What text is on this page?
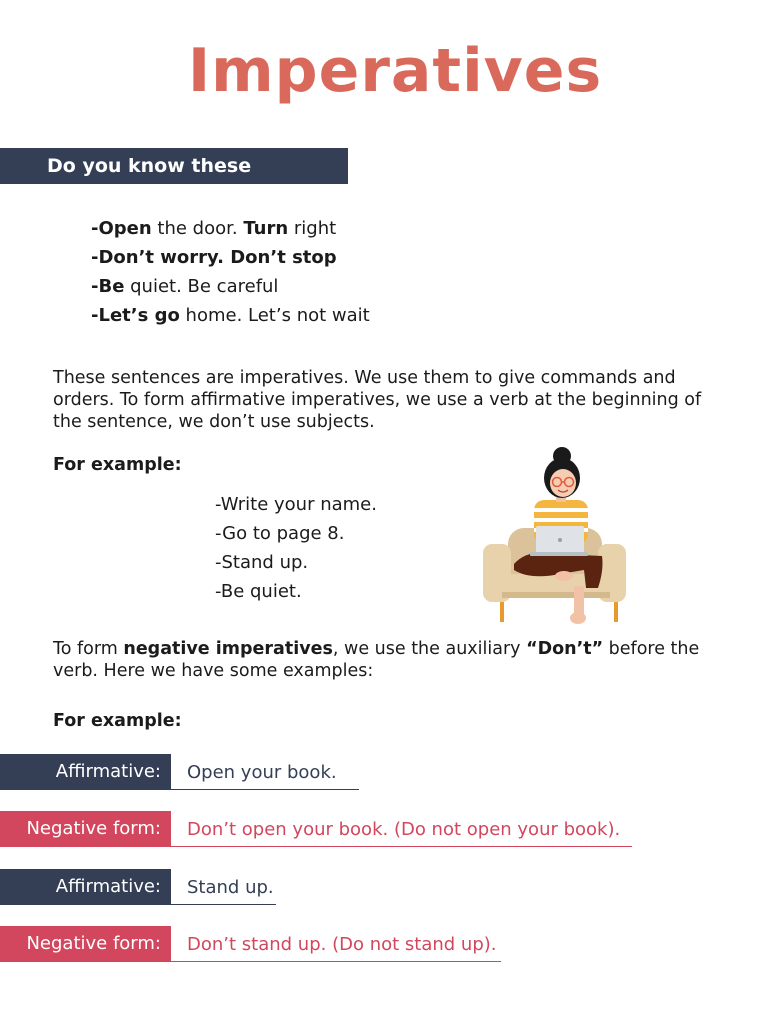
Imperatives
Do you know these phrases?
-Open the door. Turn right
-Don’t worry. Don’t stop
-Be quiet. Be careful
-Let’s go home. Let’s not wait

These sentences are imperatives. We use them to give commands and orders. To form affirmative imperatives, we use a verb at the beginning of the sentence, we don’t use subjects.

For example:
-Write your name.
-Go to page 8.
-Stand up.
-Be quiet.

To form negative imperatives, we use the auxiliary “Don’t” before the verb. Here we have some examples:

For example:
Affirmative:	Open your book.
Negative form:	Don’t open your book. (Do not open your book).
Affirmative:	Stand up.
Negative form:	Don’t stand up. (Do not stand up).
